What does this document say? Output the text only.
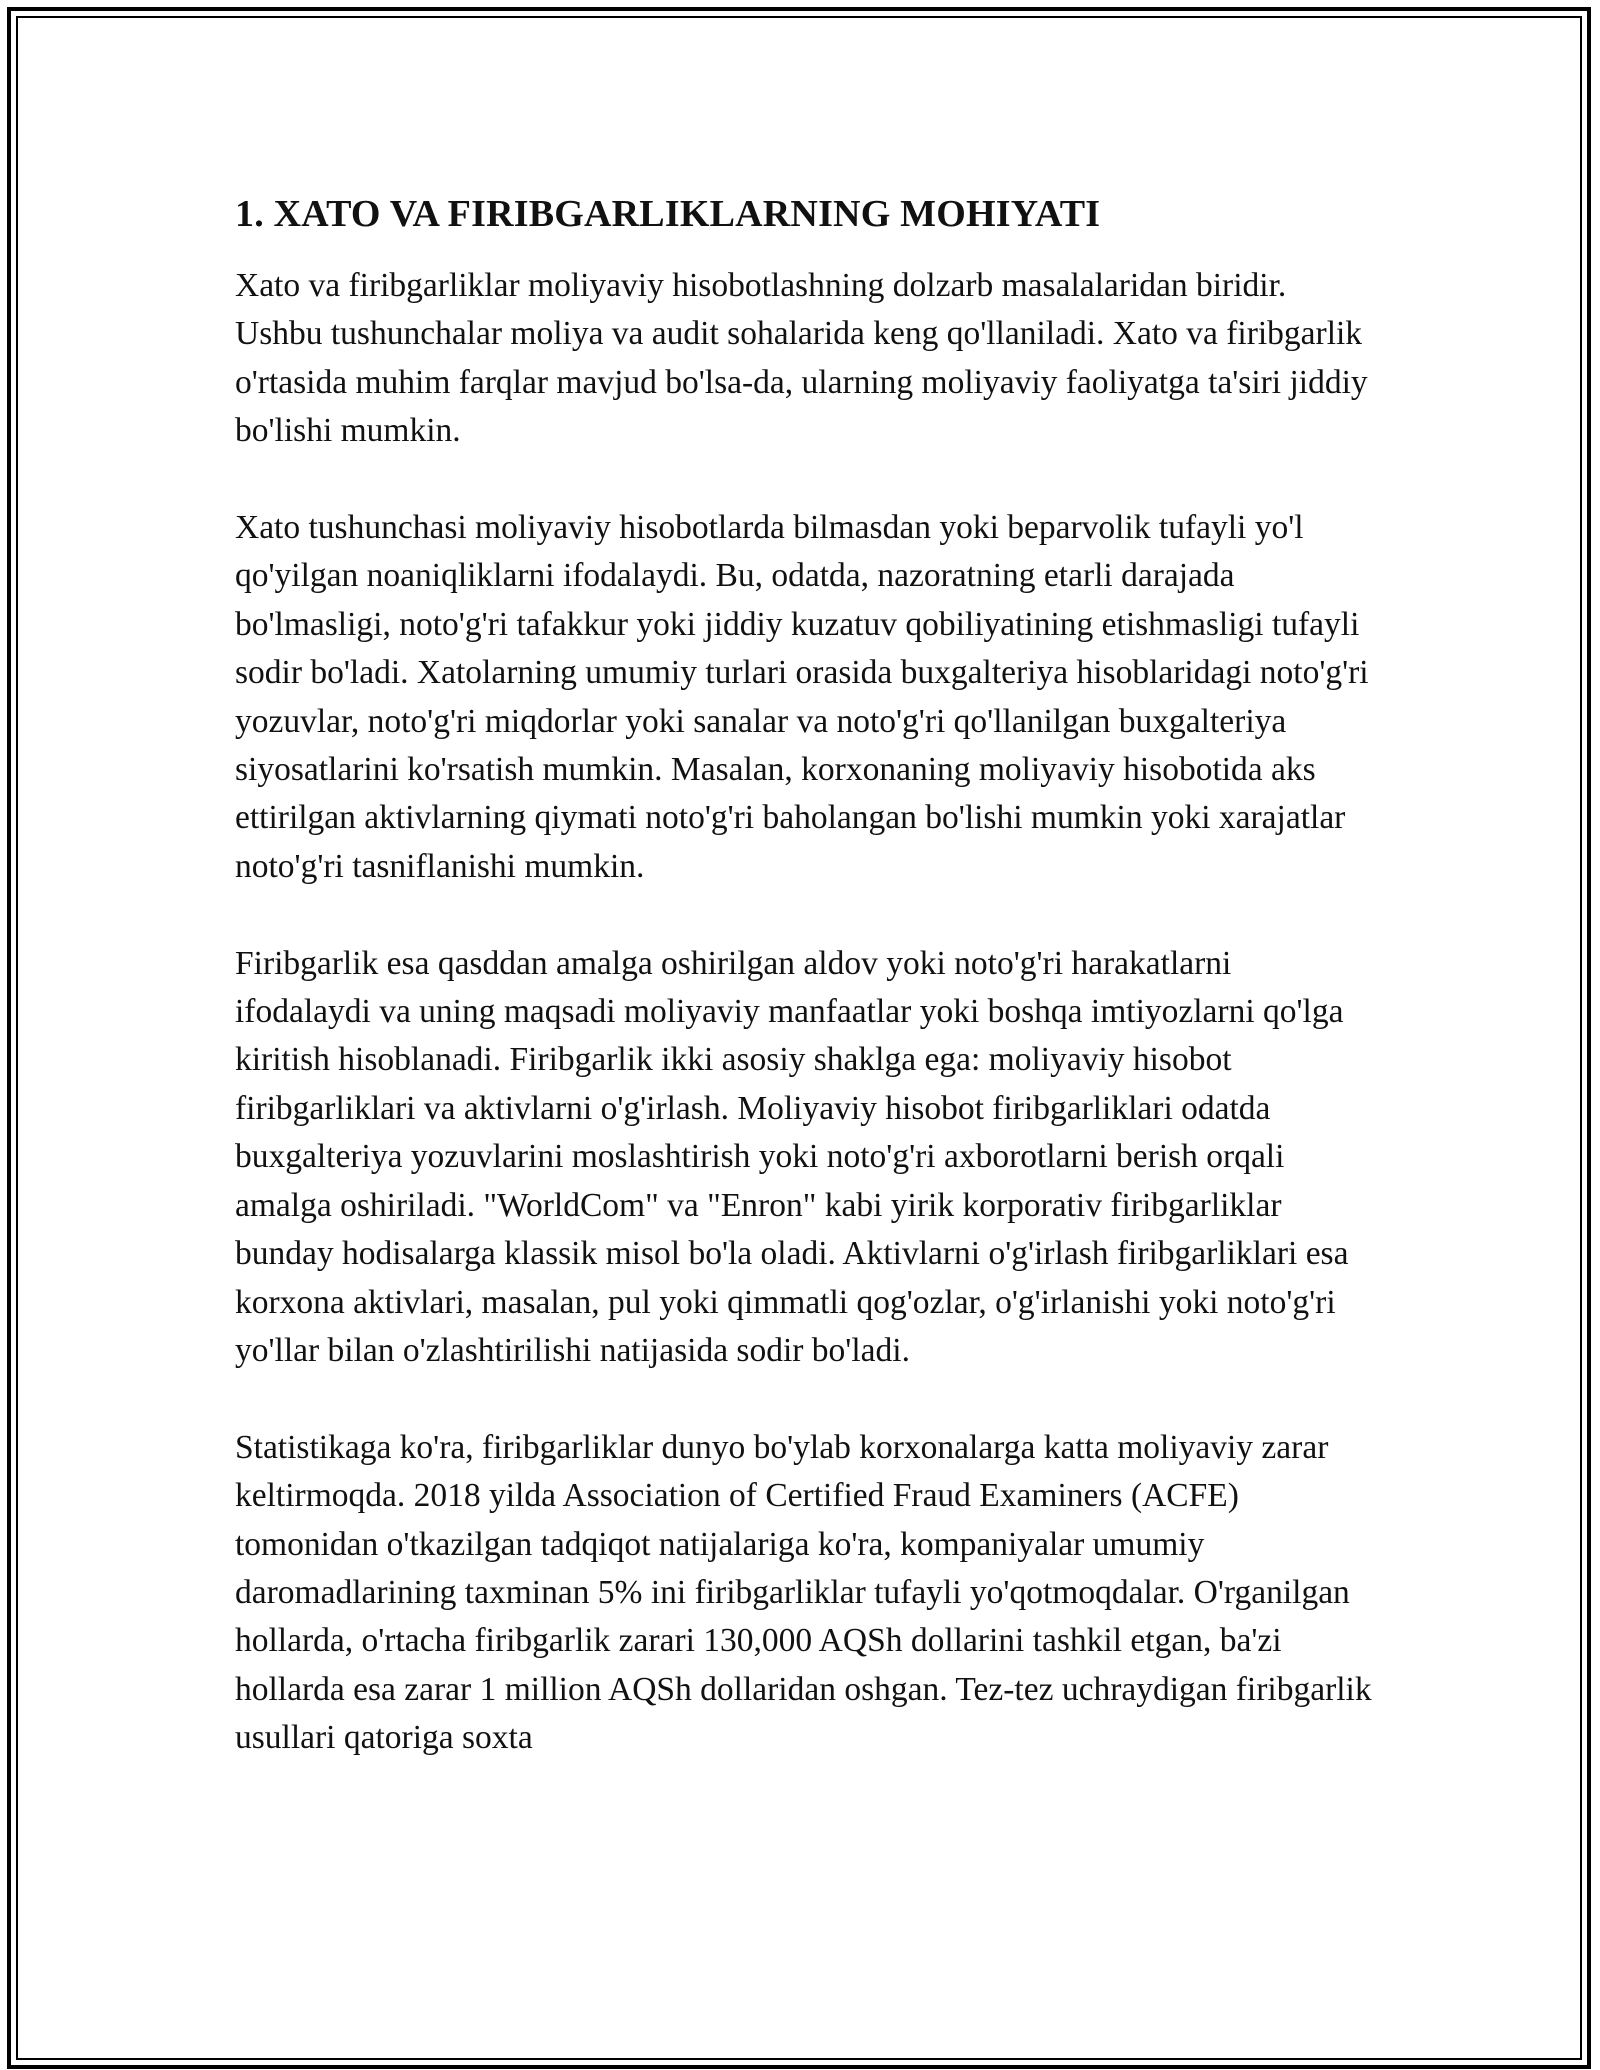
1. XATO VA FIRIBGARLIKLARNING MOHIYATI

Xato va firibgarliklar moliyaviy hisobotlashning dolzarb masalalaridan biridir. Ushbu tushunchalar moliya va audit sohalarida keng qo'llaniladi. Xato va firibgarlik o'rtasida muhim farqlar mavjud bo'lsa-da, ularning moliyaviy faoliyatga ta'siri jiddiy bo'lishi mumkin.

Xato tushunchasi moliyaviy hisobotlarda bilmasdan yoki beparvolik tufayli yo'l qo'yilgan noaniqliklarni ifodalaydi. Bu, odatda, nazoratning etarli darajada bo'lmasligi, noto'g'ri tafakkur yoki jiddiy kuzatuv qobiliyatining etishmasligi tufayli sodir bo'ladi. Xatolarning umumiy turlari orasida buxgalteriya hisoblaridagi noto'g'ri yozuvlar, noto'g'ri miqdorlar yoki sanalar va noto'g'ri qo'llanilgan buxgalteriya siyosatlarini ko'rsatish mumkin. Masalan, korxonaning moliyaviy hisobotida aks ettirilgan aktivlarning qiymati noto'g'ri baholangan bo'lishi mumkin yoki xarajatlar noto'g'ri tasniflanishi mumkin.

Firibgarlik esa qasddan amalga oshirilgan aldov yoki noto'g'ri harakatlarni ifodalaydi va uning maqsadi moliyaviy manfaatlar yoki boshqa imtiyozlarni qo'lga kiritish hisoblanadi. Firibgarlik ikki asosiy shaklga ega: moliyaviy hisobot firibgarliklari va aktivlarni o'g'irlash. Moliyaviy hisobot firibgarliklari odatda buxgalteriya yozuvlarini moslashtirish yoki noto'g'ri axborotlarni berish orqali amalga oshiriladi. "WorldCom" va "Enron" kabi yirik korporativ firibgarliklar bunday hodisalarga klassik misol bo'la oladi. Aktivlarni o'g'irlash firibgarliklari esa korxona aktivlari, masalan, pul yoki qimmatli qog'ozlar, o'g'irlanishi yoki noto'g'ri yo'llar bilan o'zlashtirilishi natijasida sodir bo'ladi.

Statistikaga ko'ra, firibgarliklar dunyo bo'ylab korxonalarga katta moliyaviy zarar keltirmoqda. 2018 yilda Association of Certified Fraud Examiners (ACFE) tomonidan o'tkazilgan tadqiqot natijalariga ko'ra, kompaniyalar umumiy daromadlarining taxminan 5% ini firibgarliklar tufayli yo'qotmoqdalar. O'rganilgan hollarda, o'rtacha firibgarlik zarari 130,000 AQSh dollarini tashkil etgan, ba'zi hollarda esa zarar 1 million AQSh dollaridan oshgan. Tez-tez uchraydigan firibgarlik usullari qatoriga soxta
